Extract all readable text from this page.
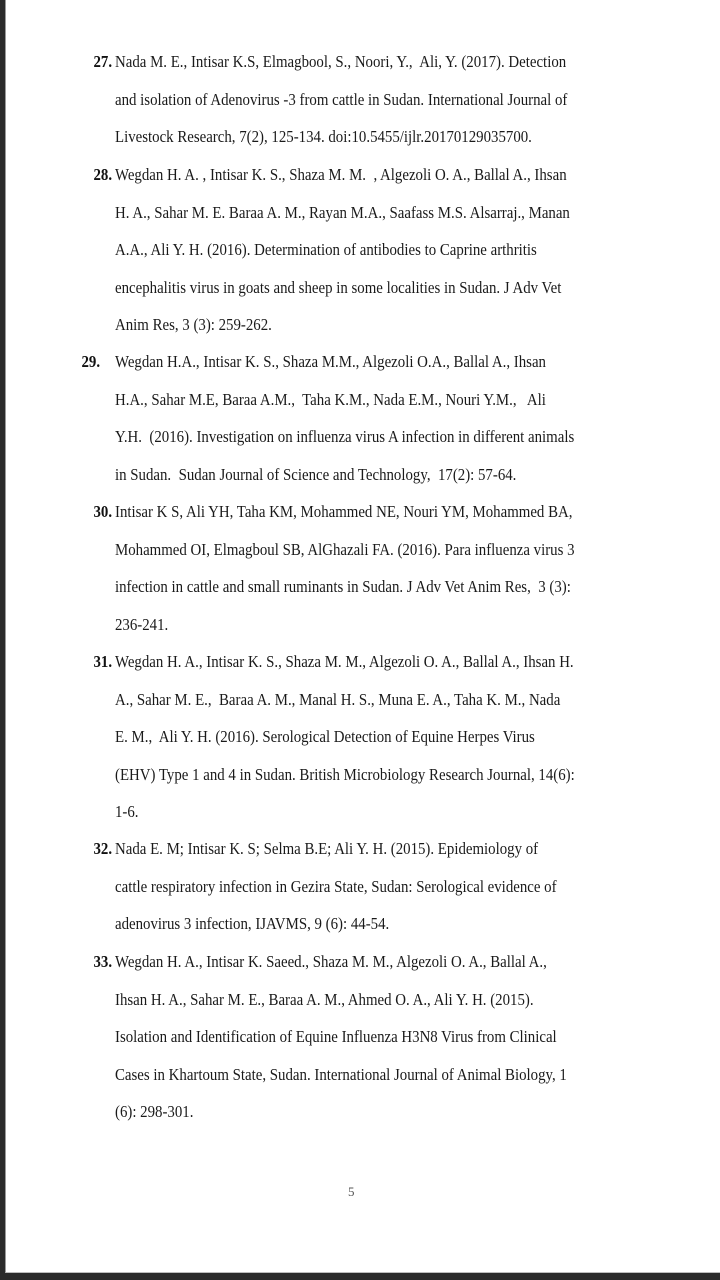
27. Nada M. E., Intisar K.S, Elmagbool, S., Noori, Y.,  Ali, Y. (2017). Detection
and isolation of Adenovirus -3 from cattle in Sudan. International Journal of
Livestock Research, 7(2), 125-134. doi:10.5455/ijlr.20170129035700.
28. Wegdan H. A. , Intisar K. S., Shaza M. M.  , Algezoli O. A., Ballal A., Ihsan
H. A., Sahar M. E. Baraa A. M., Rayan M.A., Saafass M.S. Alsarraj., Manan
A.A., Ali Y. H. (2016). Determination of antibodies to Caprine arthritis
encephalitis virus in goats and sheep in some localities in Sudan. J Adv Vet
Anim Res, 3 (3): 259-262.
29. Wegdan H.A., Intisar K. S., Shaza M.M., Algezoli O.A., Ballal A., Ihsan
H.A., Sahar M.E, Baraa A.M.,  Taha K.M., Nada E.M., Nouri Y.M.,   Ali
Y.H.  (2016). Investigation on influenza virus A infection in different animals
in Sudan.  Sudan Journal of Science and Technology,  17(2): 57-64.
30. Intisar K S, Ali YH, Taha KM, Mohammed NE, Nouri YM, Mohammed BA,
Mohammed OI, Elmagboul SB, AlGhazali FA. (2016). Para influenza virus 3
infection in cattle and small ruminants in Sudan. J Adv Vet Anim Res,  3 (3):
236-241.
31. Wegdan H. A., Intisar K. S., Shaza M. M., Algezoli O. A., Ballal A., Ihsan H.
A., Sahar M. E.,  Baraa A. M., Manal H. S., Muna E. A., Taha K. M., Nada
E. M.,  Ali Y. H. (2016). Serological Detection of Equine Herpes Virus
(EHV) Type 1 and 4 in Sudan. British Microbiology Research Journal, 14(6):
1-6.
32. Nada E. M; Intisar K. S; Selma B.E; Ali Y. H. (2015). Epidemiology of
cattle respiratory infection in Gezira State, Sudan: Serological evidence of
adenovirus 3 infection, IJAVMS, 9 (6): 44-54.
33. Wegdan H. A., Intisar K. Saeed., Shaza M. M., Algezoli O. A., Ballal A.,
Ihsan H. A., Sahar M. E., Baraa A. M., Ahmed O. A., Ali Y. H. (2015).
Isolation and Identification of Equine Influenza H3N8 Virus from Clinical
Cases in Khartoum State, Sudan. International Journal of Animal Biology, 1
(6): 298-301.
5
